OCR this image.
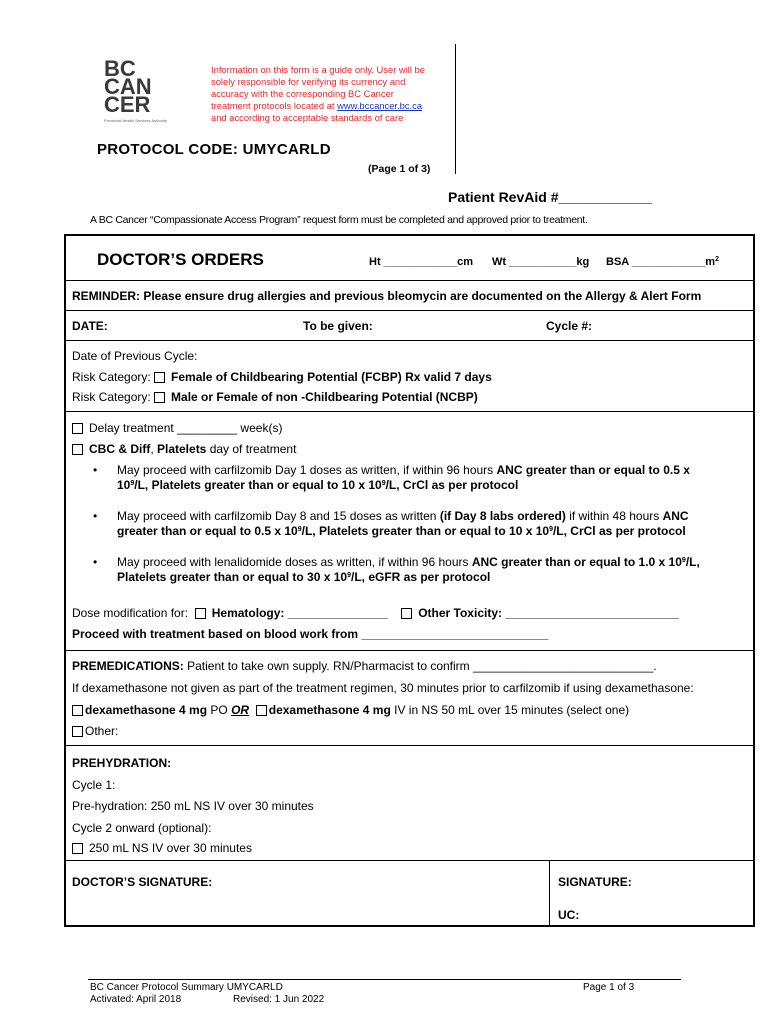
BC
CAN
CER
Provincial Health Services Authority
Information on this form is a guide only. User will be
solely responsible for verifying its currency and
accuracy with the corresponding BC Cancer
treatment protocols located at www.bccancer.bc.ca
and according to acceptable standards of care
PROTOCOL CODE: UMYCARLD
(Page 1 of 3)
Patient RevAid #____________
A BC Cancer “Compassionate Access Program” request form must be completed and approved prior to treatment.
DOCTOR’S ORDERS	Ht ____________cm Wt ___________kg BSA $\_\_\_\_\_\_\_\_\_\_\_\_m^2$
REMINDER: Please ensure drug allergies and previous bleomycin are documented on the Allergy & Alert Form
DATE:	To be given:	Cycle #:
Date of Previous Cycle:
Risk Category: Female of Childbearing Potential (FCBP) Rx valid 7 days
Risk Category: Male or Female of non -Childbearing Potential (NCBP)
Delay treatment _________ week(s)
CBC & Diff, Platelets day of treatment
• May proceed with carfilzomib Day 1 doses as written, if within 96 hours ANC greater than or equal to 0.5 x
$10^9/L$, Platelets greater than or equal to 10 x $10^9/L$, CrCl as per protocol
• May proceed with carfilzomib Day 8 and 15 doses as written (if Day 8 labs ordered) if within 48 hours ANC
greater than or equal to 0.5 x $10^9/L$, Platelets greater than or equal to 10 x $10^9/L$, CrCl as per protocol
• May proceed with lenalidomide doses as written, if within 96 hours ANC greater than or equal to 1.0 x $10^9/L$,
Platelets greater than or equal to 30 x $10^9/L$, eGFR as per protocol
Dose modification for: Hematology: _______________	Other Toxicity: __________________________
Proceed with treatment based on blood work from ____________________________
PREMEDICATIONS: Patient to take own supply. RN/Pharmacist to confirm ___________________________.
If dexamethasone not given as part of the treatment regimen, 30 minutes prior to carfilzomib if using dexamethasone:
dexamethasone 4 mg PO OR dexamethasone 4 mg IV in NS 50 mL over 15 minutes (select one)
Other:
PREHYDRATION:
Cycle 1:
Pre-hydration: 250 mL NS IV over 30 minutes
Cycle 2 onward (optional):
250 mL NS IV over 30 minutes
DOCTOR’S SIGNATURE:	SIGNATURE:
UC:
BC Cancer Protocol Summary UMYCARLD
Activated: April 2018	Revised: 1 Jun 2022
Page 1 of 3
